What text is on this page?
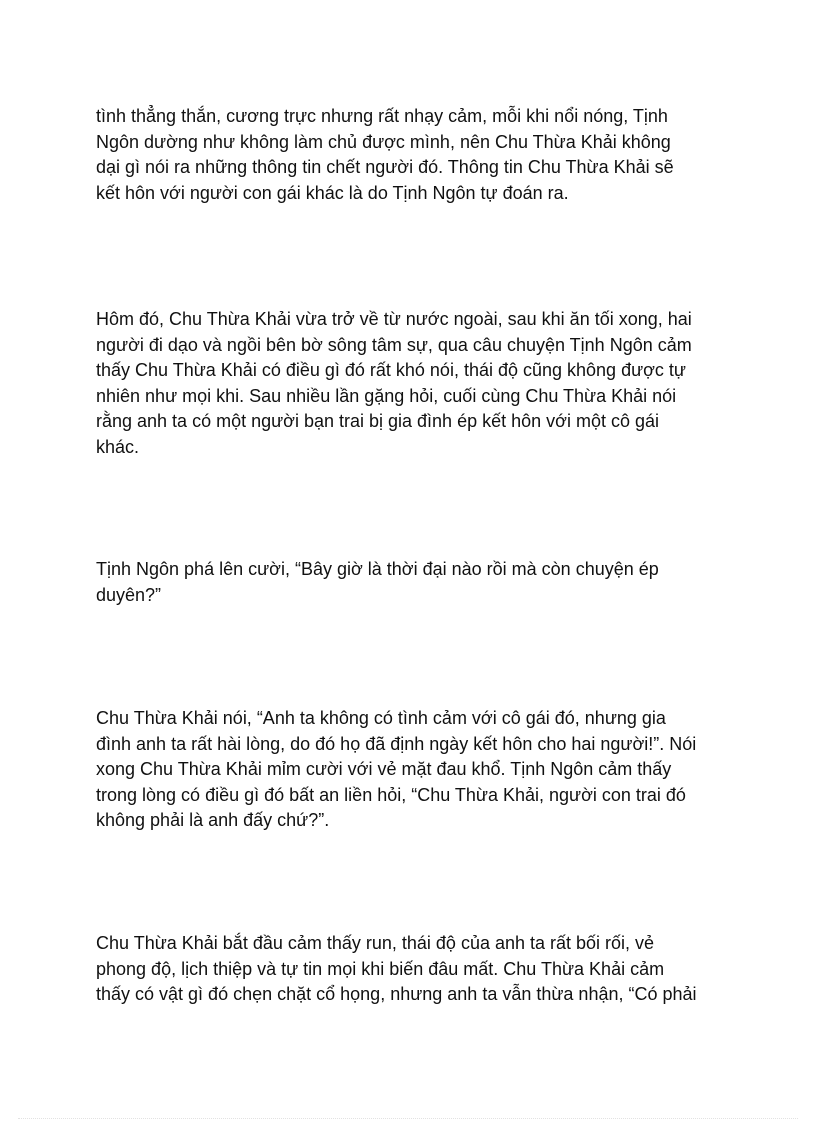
tình thẳng thắn, cương trực nhưng rất nhạy cảm, mỗi khi nổi nóng, Tịnh
Ngôn dường như không làm chủ được mình, nên Chu Thừa Khải không
dại gì nói ra những thông tin chết người đó. Thông tin Chu Thừa Khải sẽ
kết hôn với người con gái khác là do Tịnh Ngôn tự đoán ra.

Hôm đó, Chu Thừa Khải vừa trở về từ nước ngoài, sau khi ăn tối xong, hai
người đi dạo và ngồi bên bờ sông tâm sự, qua câu chuyện Tịnh Ngôn cảm
thấy Chu Thừa Khải có điều gì đó rất khó nói, thái độ cũng không được tự
nhiên như mọi khi. Sau nhiều lần gặng hỏi, cuối cùng Chu Thừa Khải nói
rằng anh ta có một người bạn trai bị gia đình ép kết hôn với một cô gái
khác.

Tịnh Ngôn phá lên cười, “Bây giờ là thời đại nào rồi mà còn chuyện ép
duyên?”

Chu Thừa Khải nói, “Anh ta không có tình cảm với cô gái đó, nhưng gia
đình anh ta rất hài lòng, do đó họ đã định ngày kết hôn cho hai người!”. Nói
xong Chu Thừa Khải mỉm cười với vẻ mặt đau khổ. Tịnh Ngôn cảm thấy
trong lòng có điều gì đó bất an liền hỏi, “Chu Thừa Khải, người con trai đó
không phải là anh đấy chứ?”.

Chu Thừa Khải bắt đầu cảm thấy run, thái độ của anh ta rất bối rối, vẻ
phong độ, lịch thiệp và tự tin mọi khi biến đâu mất. Chu Thừa Khải cảm
thấy có vật gì đó chẹn chặt cổ họng, nhưng anh ta vẫn thừa nhận, “Có phải
